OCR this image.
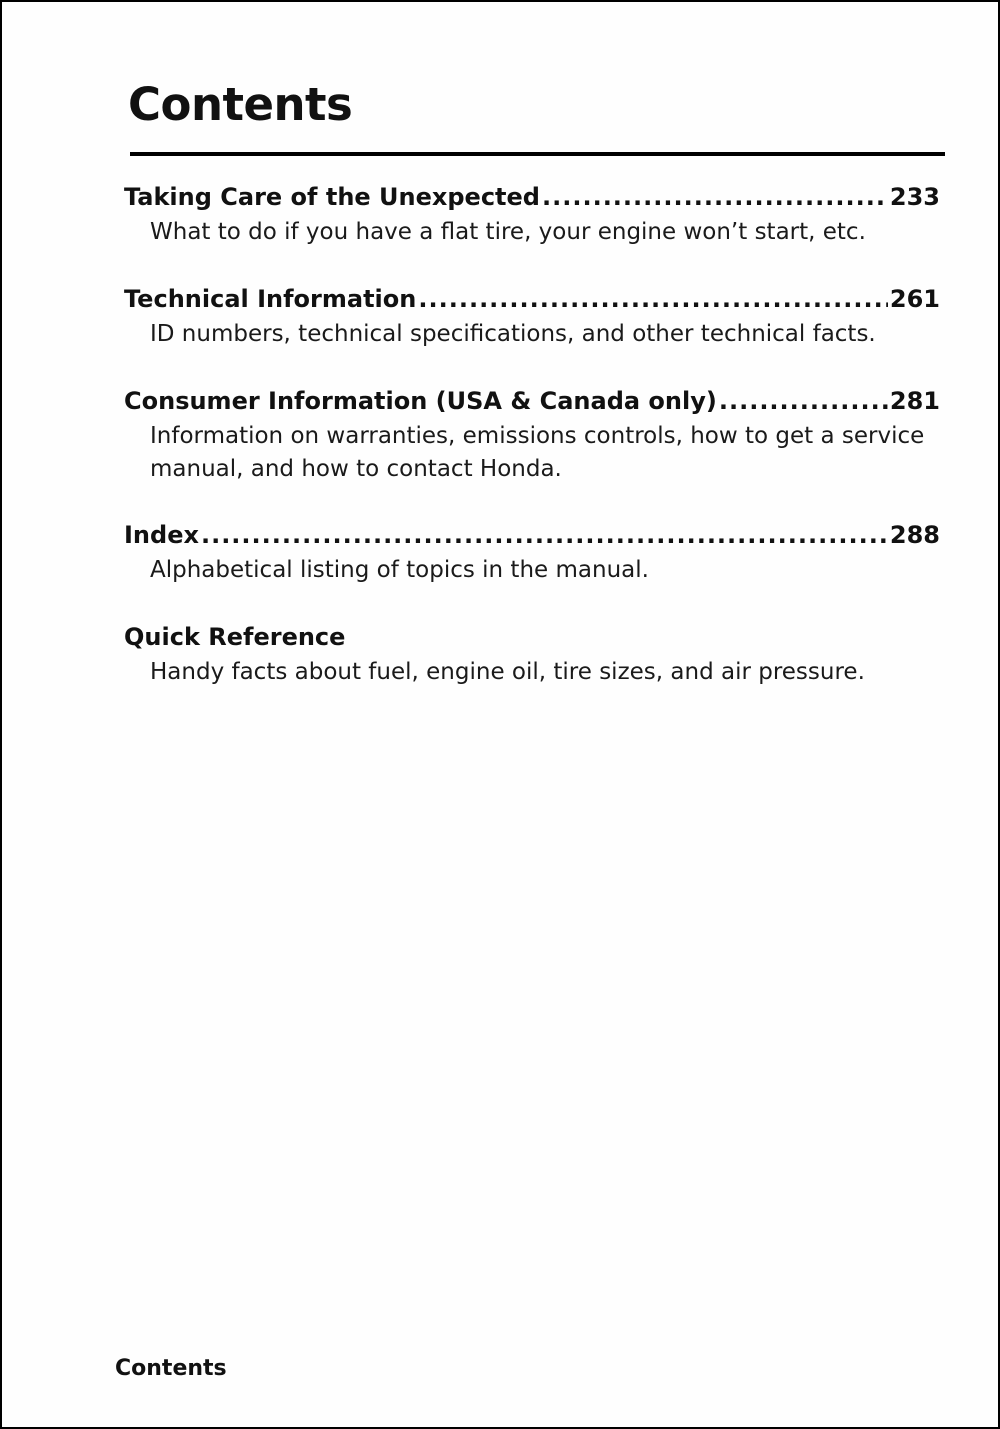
Contents
Taking Care of the Unexpected .....	233
What to do if you have a flat tire, your engine won’t start, etc.
Technical Information .....	261
ID numbers, technical specifications, and other technical facts.
Consumer Information (USA & Canada only) .....	281
Information on warranties, emissions controls, how to get a service manual, and how to contact Honda.
Index .....	288
Alphabetical listing of topics in the manual.
Quick Reference
Handy facts about fuel, engine oil, tire sizes, and air pressure.
Contents
